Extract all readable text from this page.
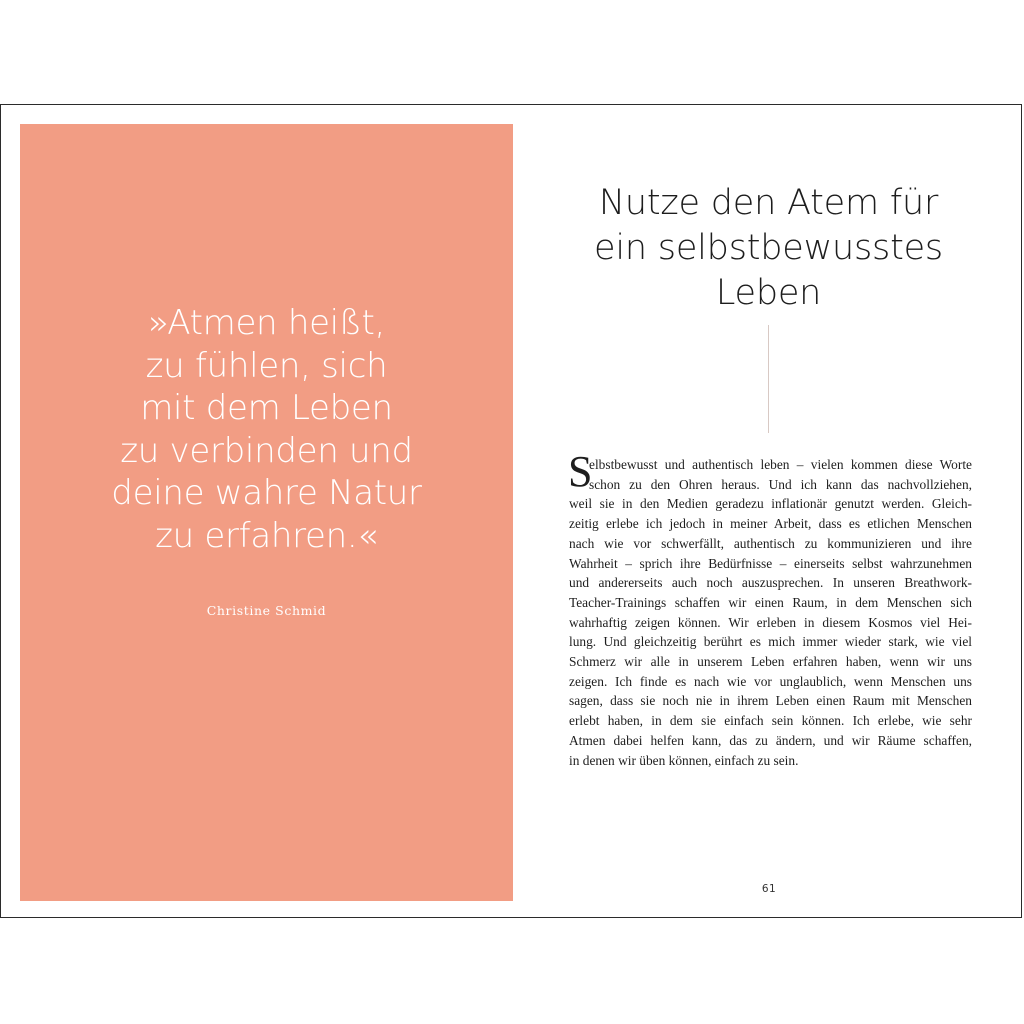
»Atmen heißt,
zu fühlen, sich
mit dem Leben
zu verbinden und
deine wahre Natur
zu erfahren.«
Christine Schmid
Nutze den Atem für
ein selbstbewusstes
Leben
S
elbstbewusst und authentisch leben – vielen kommen diese Worte
schon zu den Ohren heraus. Und ich kann das nachvollziehen,
weil sie in den Medien geradezu inflationär genutzt werden. Gleich-
zeitig erlebe ich jedoch in meiner Arbeit, dass es etlichen Menschen
nach wie vor schwerfällt, authentisch zu kommunizieren und ihre
Wahrheit – sprich ihre Bedürfnisse – einerseits selbst wahrzunehmen
und andererseits auch noch auszusprechen. In unseren Breathwork-
Teacher-Trainings schaffen wir einen Raum, in dem Menschen sich
wahrhaftig zeigen können. Wir erleben in diesem Kosmos viel Hei-
lung. Und gleichzeitig berührt es mich immer wieder stark, wie viel
Schmerz wir alle in unserem Leben erfahren haben, wenn wir uns
zeigen. Ich finde es nach wie vor unglaublich, wenn Menschen uns
sagen, dass sie noch nie in ihrem Leben einen Raum mit Menschen
erlebt haben, in dem sie einfach sein können. Ich erlebe, wie sehr
Atmen dabei helfen kann, das zu ändern, und wir Räume schaffen,
in denen wir üben können, einfach zu sein.
61
